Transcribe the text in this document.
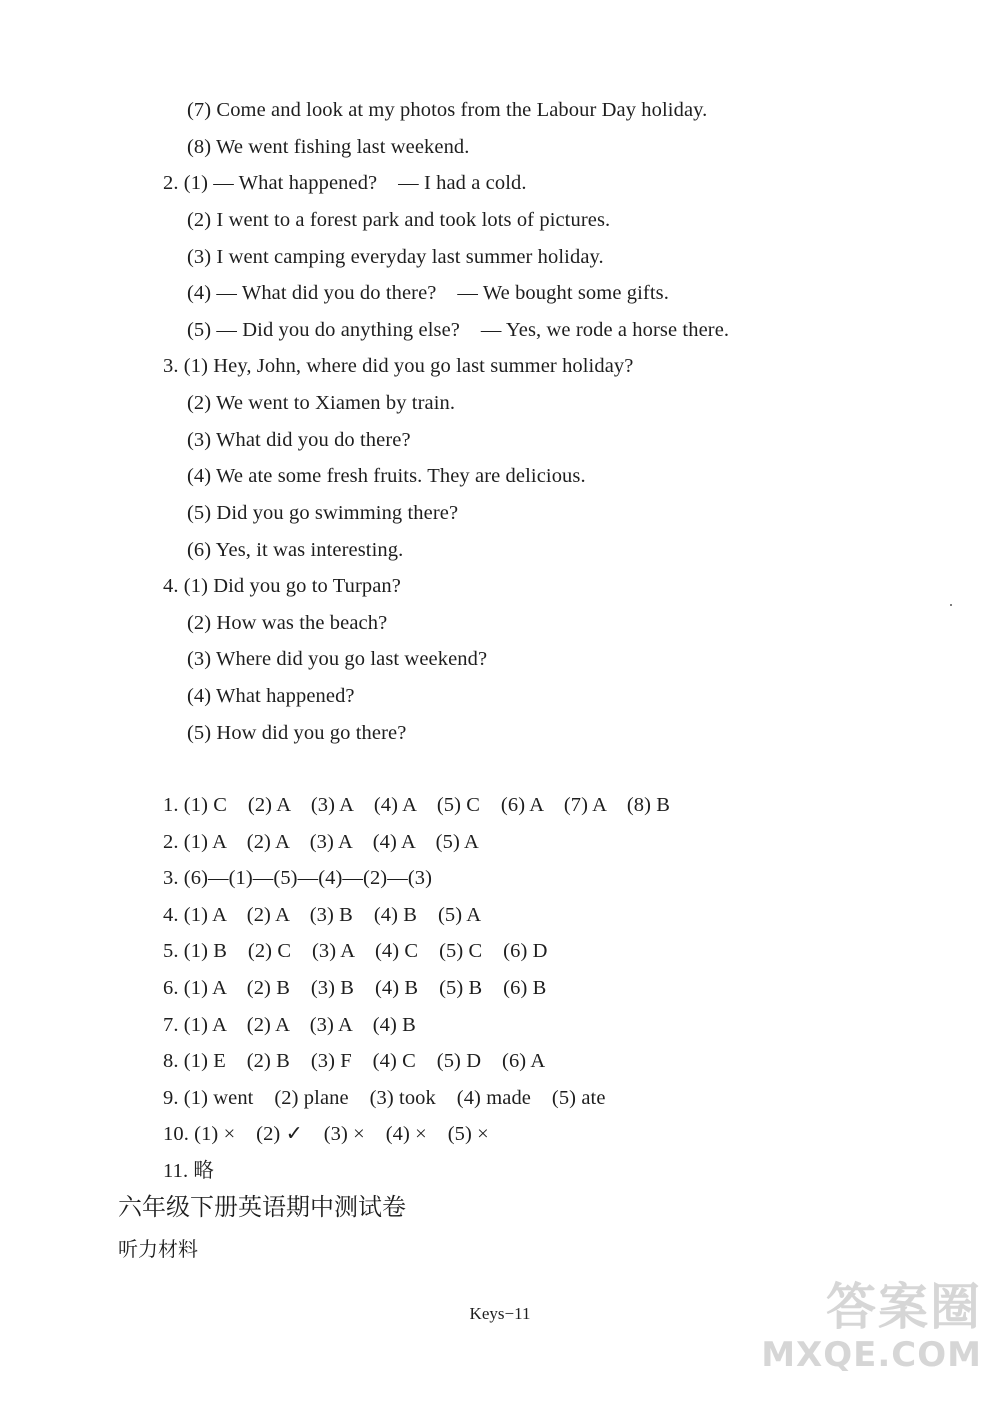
(7) Come and look at my photos from the Labour Day holiday.
(8) We went fishing last weekend.
2. (1) — What happened?    — I had a cold.
(2) I went to a forest park and took lots of pictures.
(3) I went camping everyday last summer holiday.
(4) — What did you do there?    — We bought some gifts.
(5) — Did you do anything else?    — Yes, we rode a horse there.
3. (1) Hey, John, where did you go last summer holiday?
(2) We went to Xiamen by train.
(3) What did you do there?
(4) We ate some fresh fruits. They are delicious.
(5) Did you go swimming there?
(6) Yes, it was interesting.
4. (1) Did you go to Turpan?
(2) How was the beach?
(3) Where did you go last weekend?
(4) What happened?
(5) How did you go there?
1. (1) C    (2) A    (3) A    (4) A    (5) C    (6) A    (7) A    (8) B
2. (1) A    (2) A    (3) A    (4) A    (5) A
3. (6)—(1)—(5)—(4)—(2)—(3)
4. (1) A    (2) A    (3) B    (4) B    (5) A
5. (1) B    (2) C    (3) A    (4) C    (5) C    (6) D
6. (1) A    (2) B    (3) B    (4) B    (5) B    (6) B
7. (1) A    (2) A    (3) A    (4) B
8. (1) E    (2) B    (3) F    (4) C    (5) D    (6) A
9. (1) went    (2) plane    (3) took    (4) made    (5) ate
10. (1) ×    (2) ✓    (3) ×    (4) ×    (5) ×
11. 略
六年级下册英语期中测试卷
听力材料
Keys−11	答案圈
MXQE.COM
